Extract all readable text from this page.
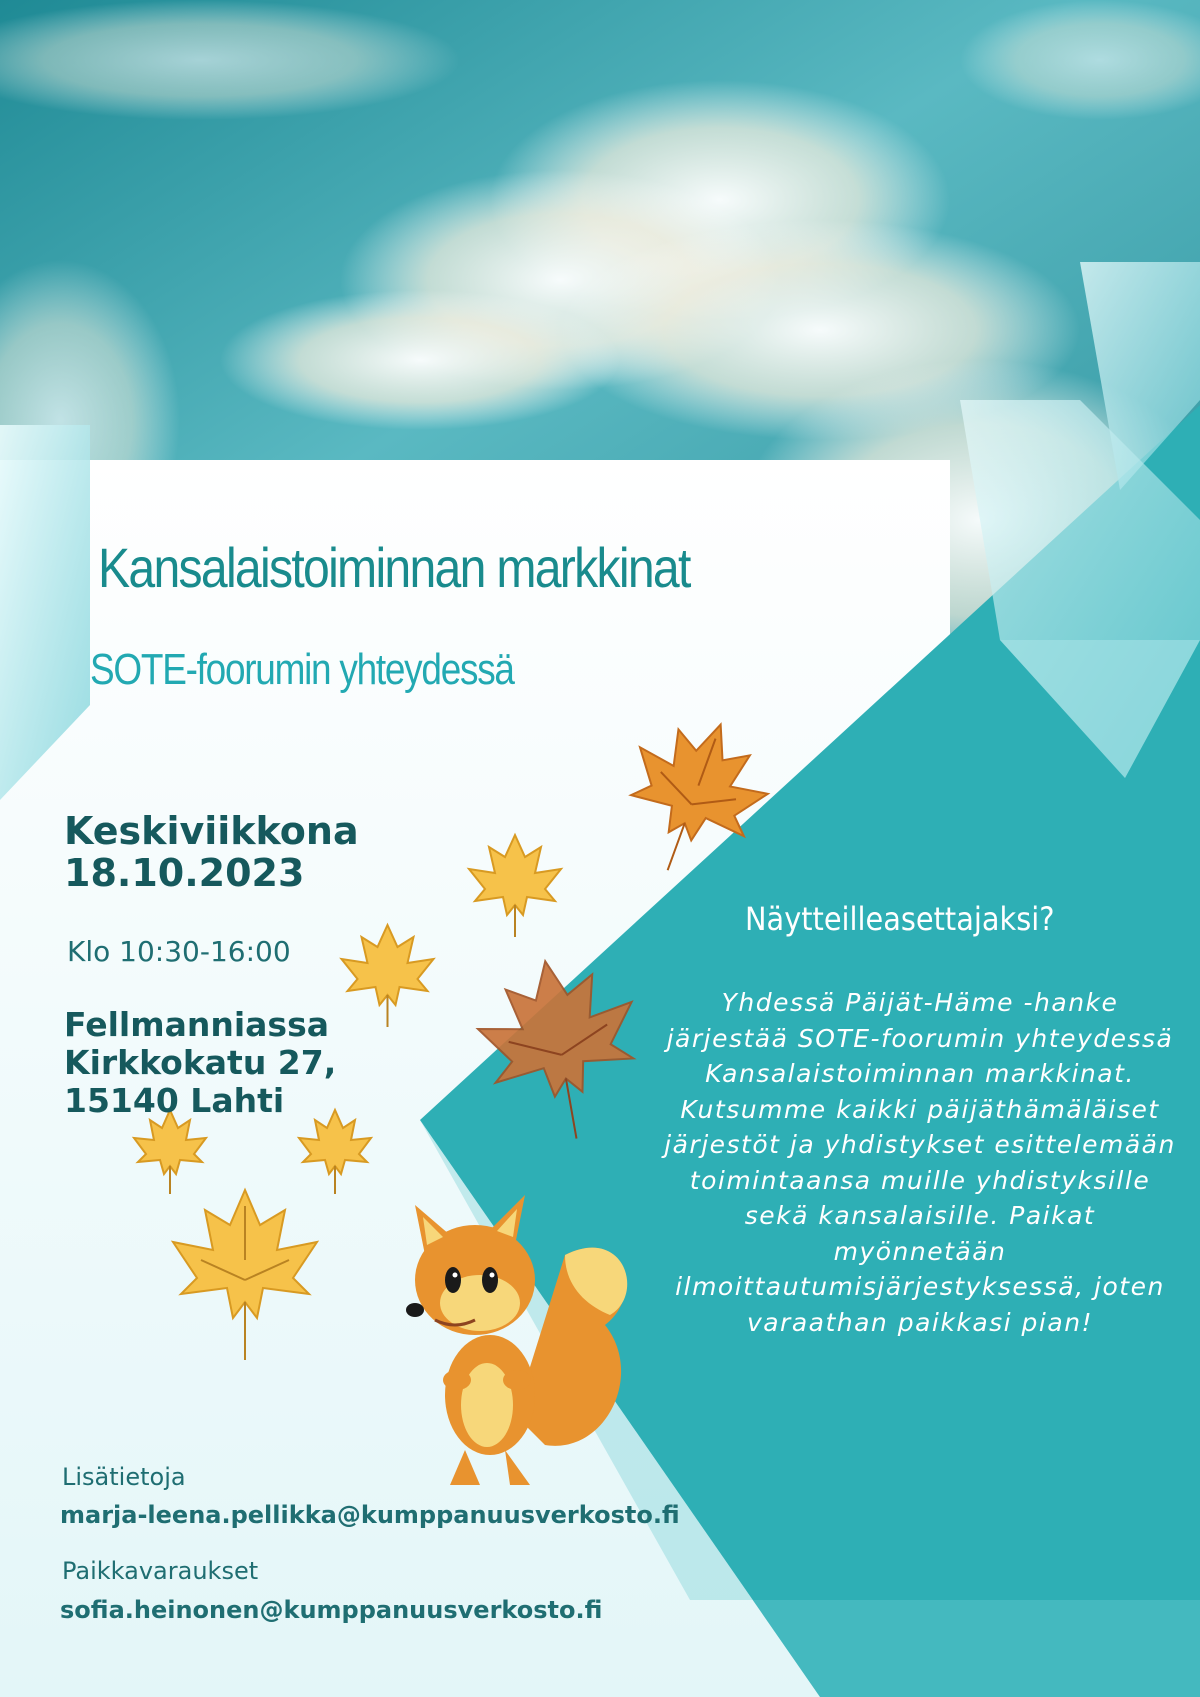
Kansalaistoiminnan markkinat
SOTE-foorumin yhteydessä
Keskiviikkona
18.10.2023
Klo 10:30-16:00
Fellmanniassa
Kirkkokatu 27,
15140 Lahti
Näytteilleasettajaksi?

Yhdessä Päijät-Häme -hanke järjestää SOTE-foorumin yhteydessä Kansalaistoiminnan markkinat. Kutsumme kaikki päijäthämäläiset järjestöt ja yhdistykset esittelemään toimintaansa muille yhdistyksille sekä kansalaisille. Paikat myönnetään ilmoittautumisjärjestyksessä, joten varaathan paikkasi pian!

Lisätietoja
marja-leena.pellikka@kumppanuusverkosto.fi
Paikkavaraukset
sofia.heinonen@kumppanuusverkosto.fi
